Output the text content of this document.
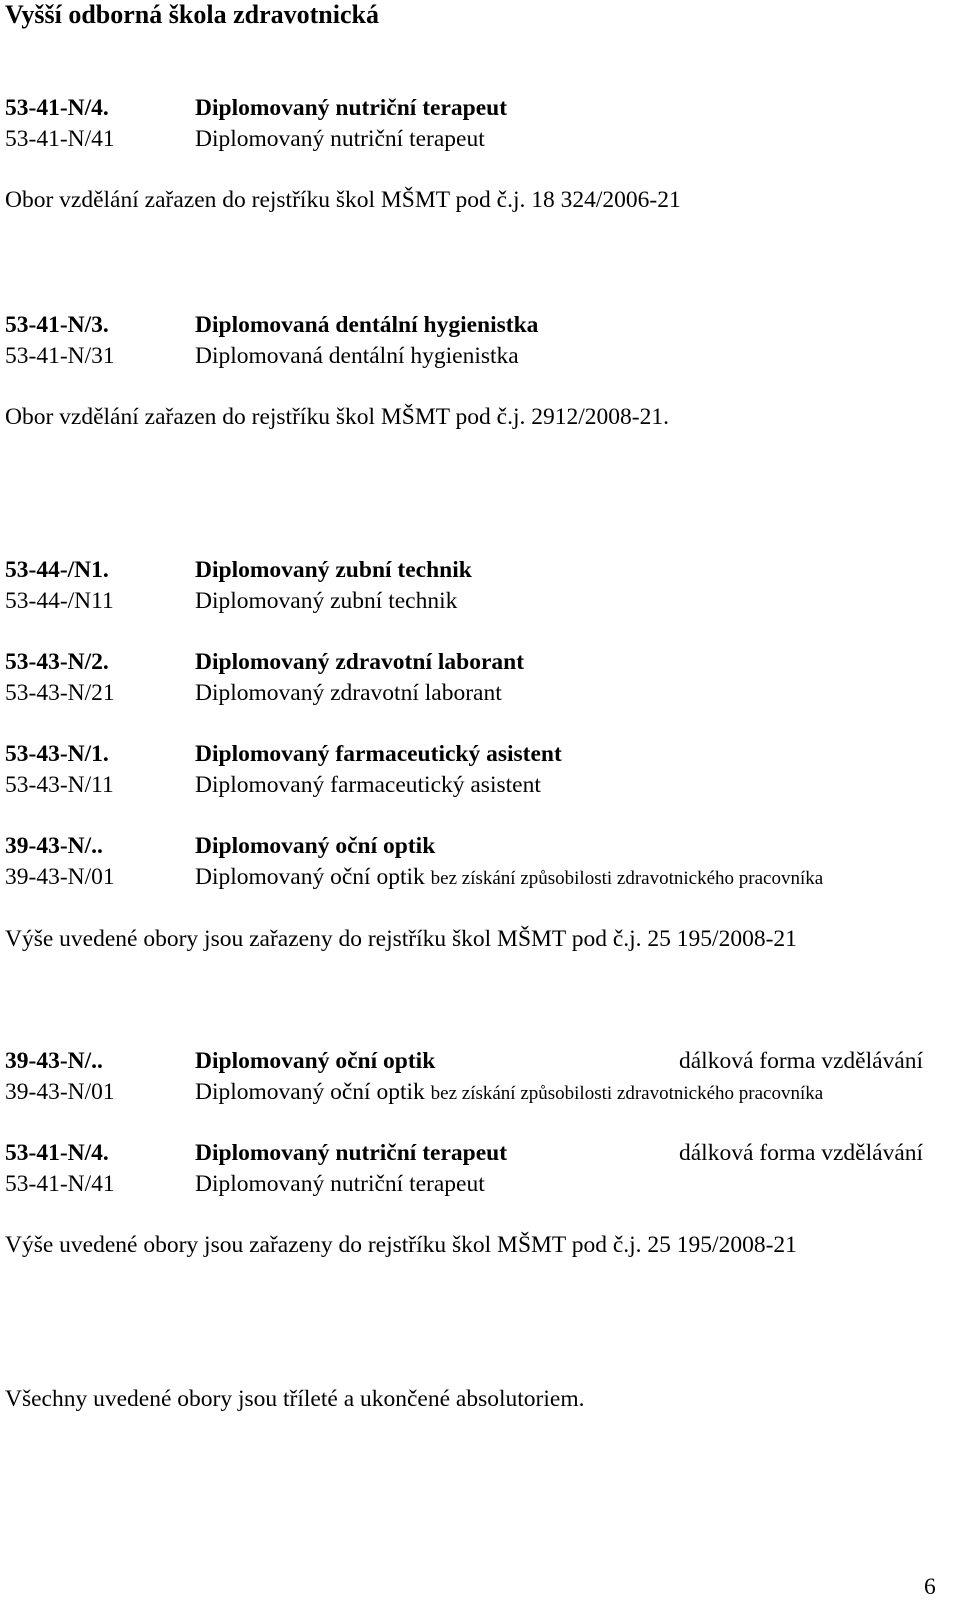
Vyšší odborná škola zdravotnická
53-41-N/4.	Diplomovaný nutriční terapeut
53-41-N/41	Diplomovaný nutriční terapeut
Obor vzdělání zařazen do rejstříku škol MŠMT pod č.j. 18 324/2006-21
53-41-N/3.	Diplomovaná dentální hygienistka
53-41-N/31	Diplomovaná dentální hygienistka
Obor vzdělání zařazen do rejstříku škol MŠMT pod č.j. 2912/2008-21.
53-44-/N1.	Diplomovaný zubní technik
53-44-/N11	Diplomovaný zubní technik
53-43-N/2.	Diplomovaný zdravotní laborant
53-43-N/21	Diplomovaný zdravotní laborant
53-43-N/1.	Diplomovaný farmaceutický asistent
53-43-N/11	Diplomovaný farmaceutický asistent
39-43-N/..	Diplomovaný oční optik
39-43-N/01	Diplomovaný oční optik bez získání způsobilosti zdravotnického pracovníka
Výše uvedené obory jsou zařazeny do rejstříku škol MŠMT pod č.j. 25 195/2008-21
39-43-N/..	Diplomovaný oční optik	dálková forma vzdělávání
39-43-N/01	Diplomovaný oční optik bez získání způsobilosti zdravotnického pracovníka
53-41-N/4.	Diplomovaný nutriční terapeut	dálková forma vzdělávání
53-41-N/41	Diplomovaný nutriční terapeut
Výše uvedené obory jsou zařazeny do rejstříku škol MŠMT pod č.j. 25 195/2008-21
Všechny uvedené obory jsou tříleté a ukončené absolutoriem.
6
